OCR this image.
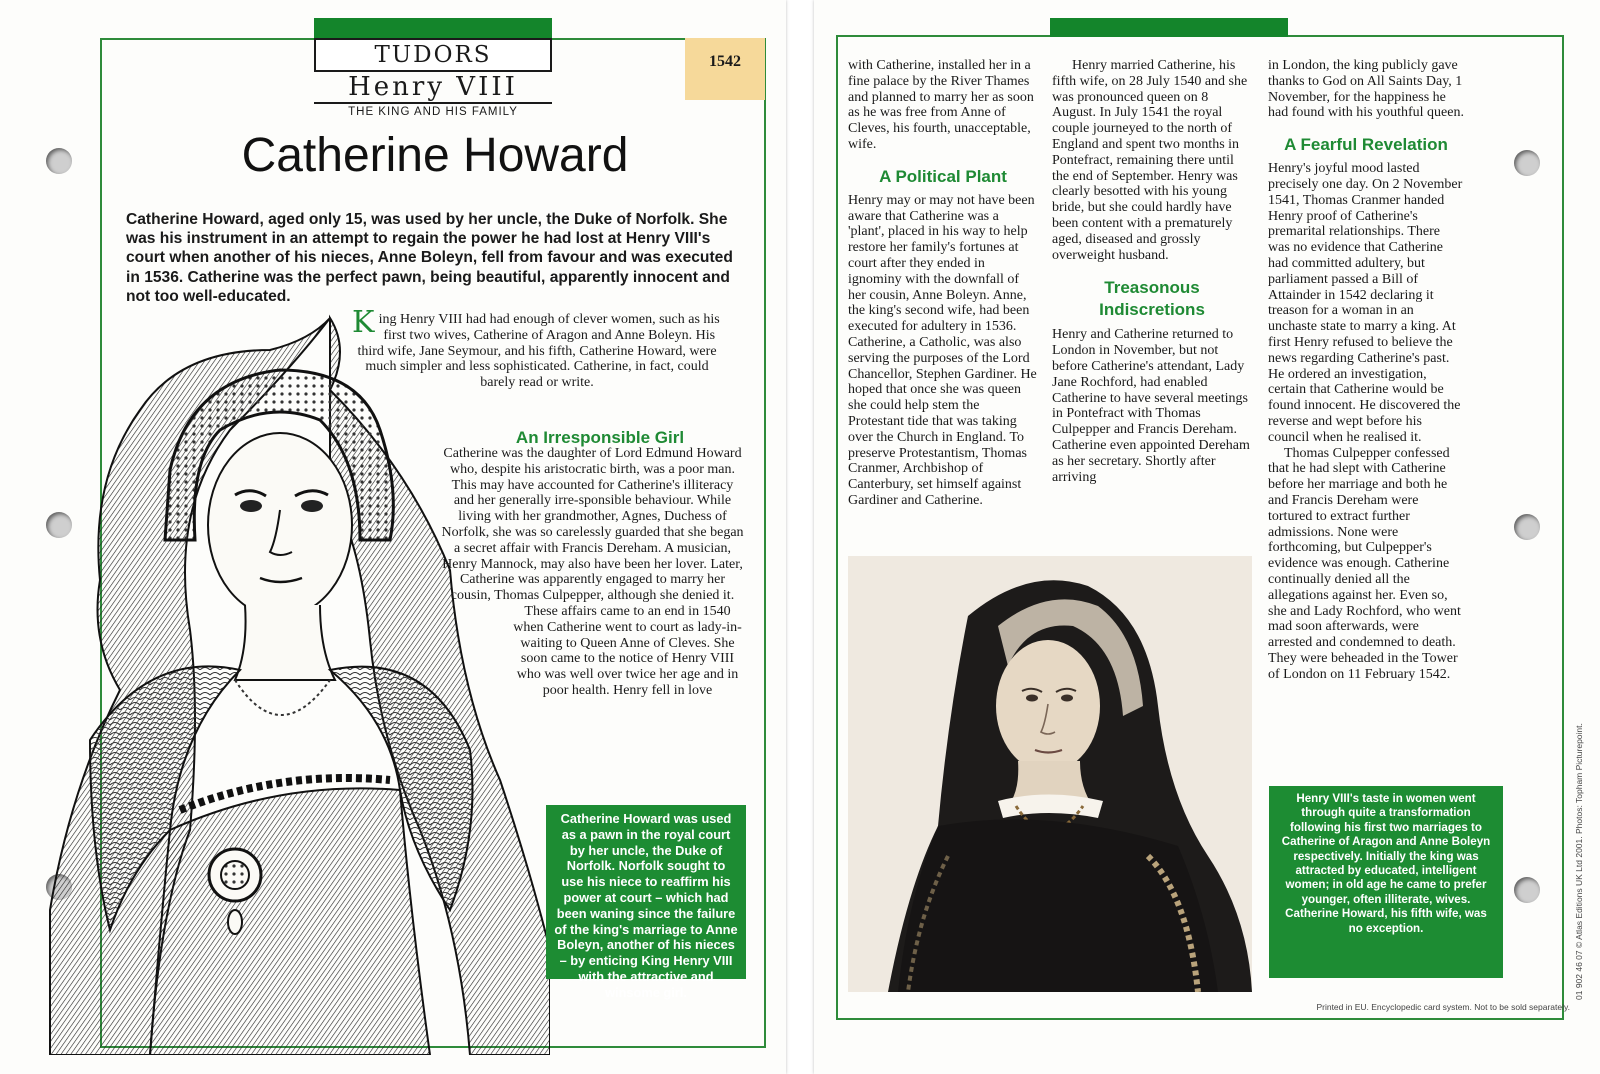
TUDORS
Henry VIII
THE KING AND HIS FAMILY
1542
Catherine Howard

Catherine Howard, aged only 15, was used by her uncle, the Duke of Norfolk. She was his instrument in an attempt to regain the power he had lost at Henry VIII's court when another of his nieces, Anne Boleyn, fell from favour and was executed in 1536. Catherine was the perfect pawn, being beautiful, apparently innocent and not too well-educated.

King Henry VIII had had enough of clever women, such as his first two wives, Catherine of Aragon and Anne Boleyn. His third wife, Jane Seymour, and his fifth, Catherine Howard, were much simpler and less sophisticated. Catherine, in fact, could barely read or write.
An Irresponsible Girl

Catherine was the daughter of Lord Edmund Howard who, despite his aristocratic birth, was a poor man. This may have accounted for Catherine's illiteracy and her generally irre-sponsible behaviour. While living with her grandmother, Agnes, Duchess of Norfolk, she was so carelessly guarded that she began a secret affair with Francis Dereham. A musician, Henry Mannock, may also have been her lover. Later, Catherine was apparently engaged to marry her cousin, Thomas Culpepper, although she denied it.

These affairs came to an end in 1540 when Catherine went to court as lady-in-waiting to Queen Anne of Cleves. She soon came to the notice of Henry VIII who was well over twice her age and in poor health. Henry fell in love

Catherine Howard was used as a pawn in the royal court by her uncle, the Duke of Norfolk. Norfolk sought to use his niece to reaffirm his power at court – which had been waning since the failure of the king's marriage to Anne Boleyn, another of his nieces – by enticing King Henry VIII with the attractive and winsome girl.

with Catherine, installed her in a fine palace by the River Thames and planned to marry her as soon as he was free from Anne of Cleves, his fourth, unacceptable, wife.

A Political Plant

Henry may or may not have been aware that Catherine was a 'plant', placed in his way to help restore her family's fortunes at court after they ended in ignominy with the downfall of her cousin, Anne Boleyn. Anne, the king's second wife, had been executed for adultery in 1536. Catherine, a Catholic, was also serving the purposes of the Lord Chancellor, Stephen Gardiner. He hoped that once she was queen she could help stem the Protestant tide that was taking over the Church in England. To preserve Protestantism, Thomas Cranmer, Archbishop of Canterbury, set himself against Gardiner and Catherine.

Henry married Catherine, his fifth wife, on 28 July 1540 and she was pronounced queen on 8 August. In July 1541 the royal couple journeyed to the north of England and spent two months in Pontefract, remaining there until the end of September. Henry was clearly besotted with his young bride, but she could hardly have been content with a prematurely aged, diseased and grossly overweight husband.

Treasonous
Indiscretions

Henry and Catherine returned to London in November, but not before Catherine's attendant, Lady Jane Rochford, had enabled Catherine to have several meetings in Pontefract with Thomas Culpepper and Francis Dereham. Catherine even appointed Dereham as her secretary. Shortly after arriving

in London, the king publicly gave thanks to God on All Saints Day, 1 November, for the happiness he had found with his youthful queen.

A Fearful Revelation

Henry's joyful mood lasted precisely one day. On 2 November 1541, Thomas Cranmer handed Henry proof of Catherine's premarital relationships. There was no evidence that Catherine had committed adultery, but parliament passed a Bill of Attainder in 1542 declaring it treason for a woman in an unchaste state to marry a king. At first Henry refused to believe the news regarding Catherine's past. He ordered an investigation, certain that Catherine would be found innocent. He discovered the reverse and wept before his council when he realised it.

Thomas Culpepper confessed that he had slept with Catherine before her marriage and both he and Francis Dereham were tortured to extract further admissions. None were forthcoming, but Culpepper's evidence was enough. Catherine continually denied all the allegations against her. Even so, she and Lady Rochford, who went mad soon afterwards, were arrested and condemned to death. They were beheaded in the Tower of London on 11 February 1542.

Henry VIII's taste in women went through quite a transformation following his first two marriages to Catherine of Aragon and Anne Boleyn respectively. Initially the king was attracted by educated, intelligent women; in old age he came to prefer younger, often illiterate, wives. Catherine Howard, his fifth wife, was no exception.
Printed in EU. Encyclopedic card system. Not to be sold separately.
01 902 46 07 © Atlas Editions UK Ltd 2001. Photos: Topham Picturepoint.
